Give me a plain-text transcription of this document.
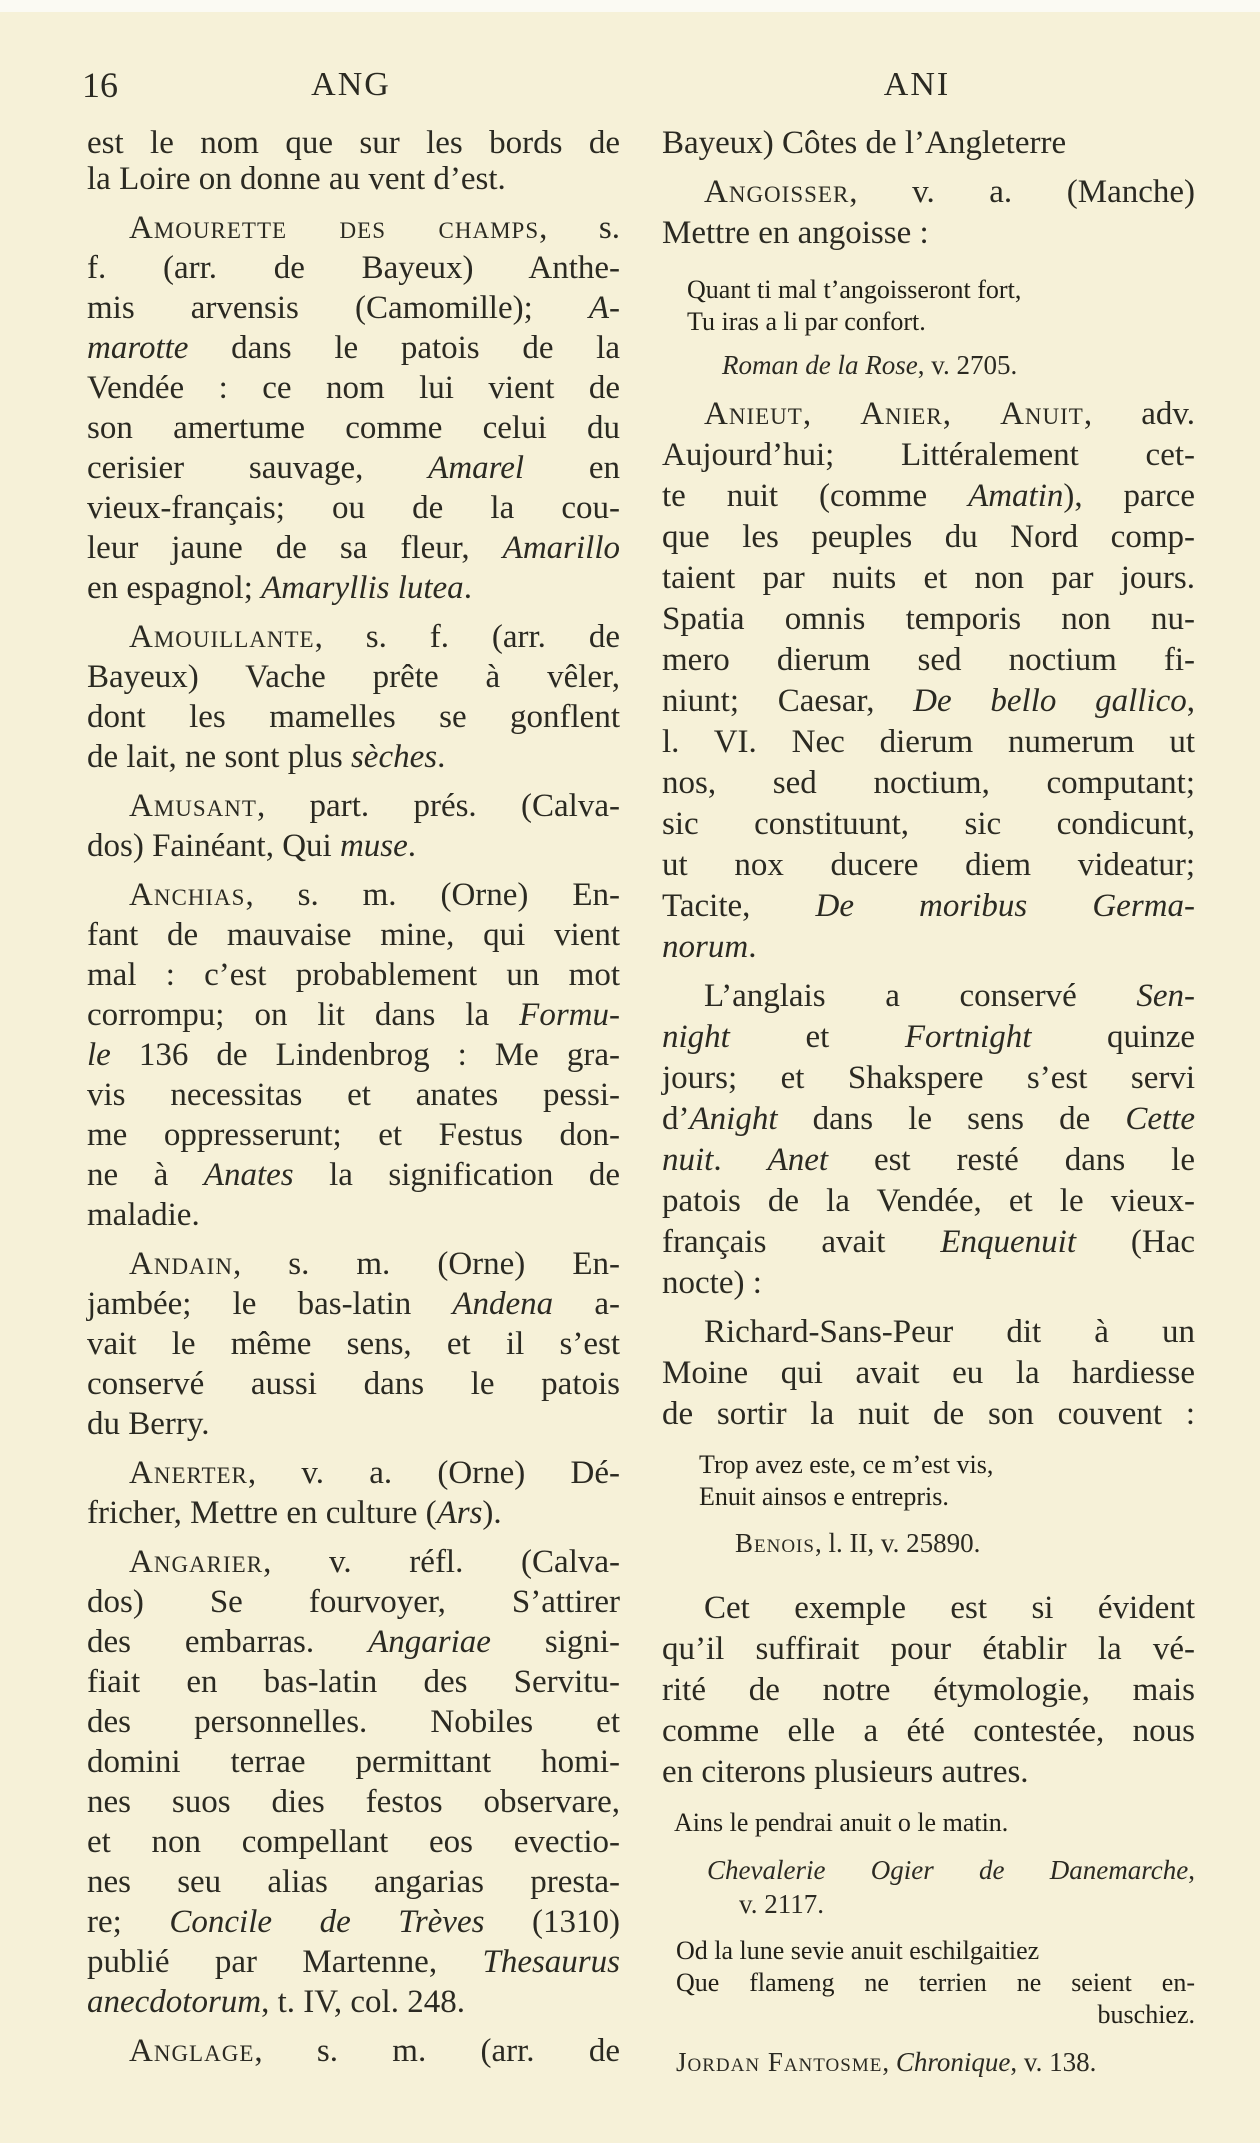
16	ANG	ANI
est le nom que sur les bords de
la Loire on donne au vent d’est.
Amourette des champs, s.
f. (arr. de Bayeux) Anthe-
mis arvensis (Camomille); A-
marotte dans le patois de la
Vendée : ce nom lui vient de
son amertume comme celui du
cerisier sauvage, Amarel en
vieux-français; ou de la cou-
leur jaune de sa fleur, Amarillo
en espagnol; Amaryllis lutea.
Amouillante, s. f. (arr. de
Bayeux) Vache prête à vêler,
dont les mamelles se gonflent
de lait, ne sont plus sèches.
Amusant, part. prés. (Calva-
dos) Fainéant, Qui muse.
Anchias, s. m. (Orne) En-
fant de mauvaise mine, qui vient
mal : c’est probablement un mot
corrompu; on lit dans la Formu-
le 136 de Lindenbrog : Me gra-
vis necessitas et anates pessi-
me oppresserunt; et Festus don-
ne à Anates la signification de
maladie.
Andain, s. m. (Orne) En-
jambée; le bas-latin Andena a-
vait le même sens, et il s’est
conservé aussi dans le patois
du Berry.
Anerter, v. a. (Orne) Dé-
fricher, Mettre en culture (Ars).
Angarier, v. réfl. (Calva-
dos) Se fourvoyer, S’attirer
des embarras. Angariae signi-
fiait en bas-latin des Servitu-
des personnelles. Nobiles et
domini terrae permittant homi-
nes suos dies festos observare,
et non compellant eos evectio-
nes seu alias angarias presta-
re; Concile de Trèves (1310)
publié par Martenne, Thesaurus
anecdotorum, t. IV, col. 248.
Anglage, s. m. (arr. de
Bayeux) Côtes de l’Angleterre
Angoisser, v. a. (Manche)
Mettre en angoisse :
Quant ti mal t’angoisseront fort,
Tu iras a li par confort.
Roman de la Rose, v. 2705.
Anieut, Anier, Anuit, adv.
Aujourd’hui; Littéralement cet-
te nuit (comme Amatin), parce
que les peuples du Nord comp-
taient par nuits et non par jours.
Spatia omnis temporis non nu-
mero dierum sed noctium fi-
niunt; Caesar, De bello gallico,
l. VI. Nec dierum numerum ut
nos, sed noctium, computant;
sic constituunt, sic condicunt,
ut nox ducere diem videatur;
Tacite, De moribus Germa-
norum.
L’anglais a conservé Sen-
night et Fortnight quinze
jours; et Shakspere s’est servi
d’Anight dans le sens de Cette
nuit. Anet est resté dans le
patois de la Vendée, et le vieux-
français avait Enquenuit (Hac
nocte) :
Richard-Sans-Peur dit à un
Moine qui avait eu la hardiesse
de sortir la nuit de son couvent :
Trop avez este, ce m’est vis,
Enuit ainsos e entrepris.
Benois, l. II, v. 25890.
Cet exemple est si évident
qu’il suffirait pour établir la vé-
rité de notre étymologie, mais
comme elle a été contestée, nous
en citerons plusieurs autres.
Ains le pendrai anuit o le matin.
Chevalerie Ogier de Danemarche,
v. 2117.
Od la lune sevie anuit eschilgaitiez
Que flameng ne terrien ne seient en-
buschiez.
Jordan Fantosme, Chronique, v. 138.
